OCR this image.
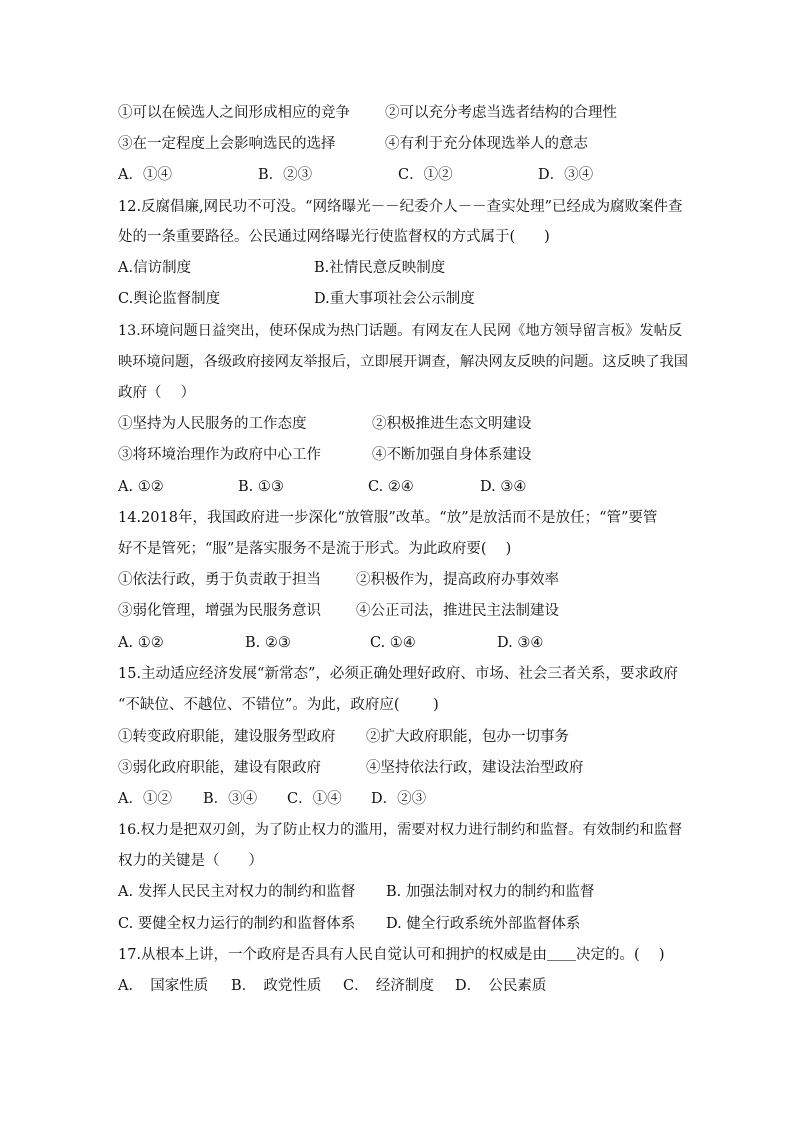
①可以在候选人之间形成相应的竞争 ②可以充分考虑当选者结构的合理性
③在一定程度上会影响选民的选择	④有利于充分体现选举人的意志
A．①④	B．②③	C．①②	D．③④
12.反腐倡廉,网民功不可没。“网络曝光－－纪委介人－－查实处理”已经成为腐败案件查
处的一条重要路径。公民通过网络曝光行使监督权的方式属于(　　)
A.信访制度	B.社情民意反映制度
C.舆论监督制度	D.重大事项社会公示制度
13.环境问题日益突出，使环保成为热门话题。有网友在人民网《地方领导留言板》发帖反
映环境问题，各级政府接网友举报后，立即展开调查，解决网友反映的问题。这反映了我国
政府（　 ）
①坚持为人民服务的工作态度	②积极推进生态文明建设
③将环境治理作为政府中心工作	④不断加强自身体系建设
A. ①②	B. ①③	C. ②④	D. ③④
14.2018年，我国政府进一步深化“放管服”改革。“放”是放活而不是放任；“管”要管
好不是管死；“服”是落实服务不是流于形式。为此政府要(　 )
①依法行政，勇于负责敢于担当 ②积极作为，提高政府办事效率
③弱化管理，增强为民服务意识 ④公正司法，推进民主法制建设
A. ①②	B. ②③	C. ①④	D. ③④
15.主动适应经济发展“新常态”，必须正确处理好政府、市场、社会三者关系，要求政府
“不缺位、不越位、不错位”。为此，政府应(　　 )
①转变政府职能，建设服务型政府 ②扩大政府职能，包办一切事务
③弱化政府职能，建设有限政府	④坚持依法行政，建设法治型政府
A．①② B．③④ C．①④ D．②③
16.权力是把双刃剑，为了防止权力的滥用，需要对权力进行制约和监督。有效制约和监督
权力的关键是（　　）
A. 发挥人民民主对权力的制约和监督 B. 加强法制对权力的制约和监督
C. 要健全权力运行的制约和监督体系 D. 健全行政系统外部监督体系
17.从根本上讲，一个政府是否具有人民自觉认可和拥护的权威是由＿＿决定的。(　 )
A．　国家性质 B．　政党性质 C．　经济制度 D．　公民素质
